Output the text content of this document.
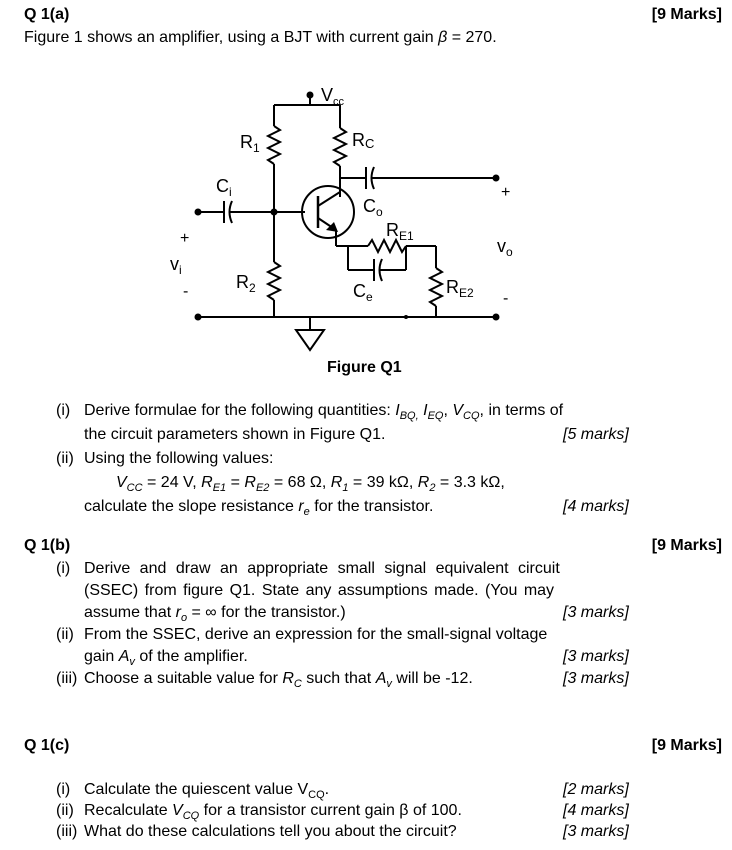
Q 1(a)	[9 Marks]
Figure 1 shows an amplifier, using a BJT with current gain β = 270.
$V_{cc}$
$R_1$	RC
$C_i$
$C_o$
$R_{E1}$
$C_e$	$R_{E2}$
$R_2$
$v_i$
$v_o$
+
-
+
-
Figure Q1
(i) Derive formulae for the following quantities: $I_{BQ,}$ $I_{EQ}$, $V_{CQ}$, in terms of
the circuit parameters shown in Figure Q1.	[5 marks]
(ii) Using the following values:
$V_{CC} = 24$ V, $R_{E1} = R_{E2} = 68$ Ω, $R_1 = 39$ kΩ, $R_2 = 3.3$ kΩ,
calculate the slope resistance $r_e$ for the transistor.	[4 marks]
Q 1(b)	[9 Marks]
(i) Derive and draw an appropriate small signal equivalent circuit
(SSEC) from figure Q1. State any assumptions made. (You may
assume that $r_o$ = ∞ for the transistor.)	[3 marks]
(ii) From the SSEC, derive an expression for the small-signal voltage
gain $A_v$ of the amplifier.	[3 marks]
(iii) Choose a suitable value for $R_C$ such that $A_v$ will be -12.	[3 marks]
Q 1(c)	[9 Marks]
(i) Calculate the quiescent value $V_{CQ}$.	[2 marks]
(ii) Recalculate $V_{CQ}$ for a transistor current gain β of 100.	[4 marks]
(iii) What do these calculations tell you about the circuit?	[3 marks]
